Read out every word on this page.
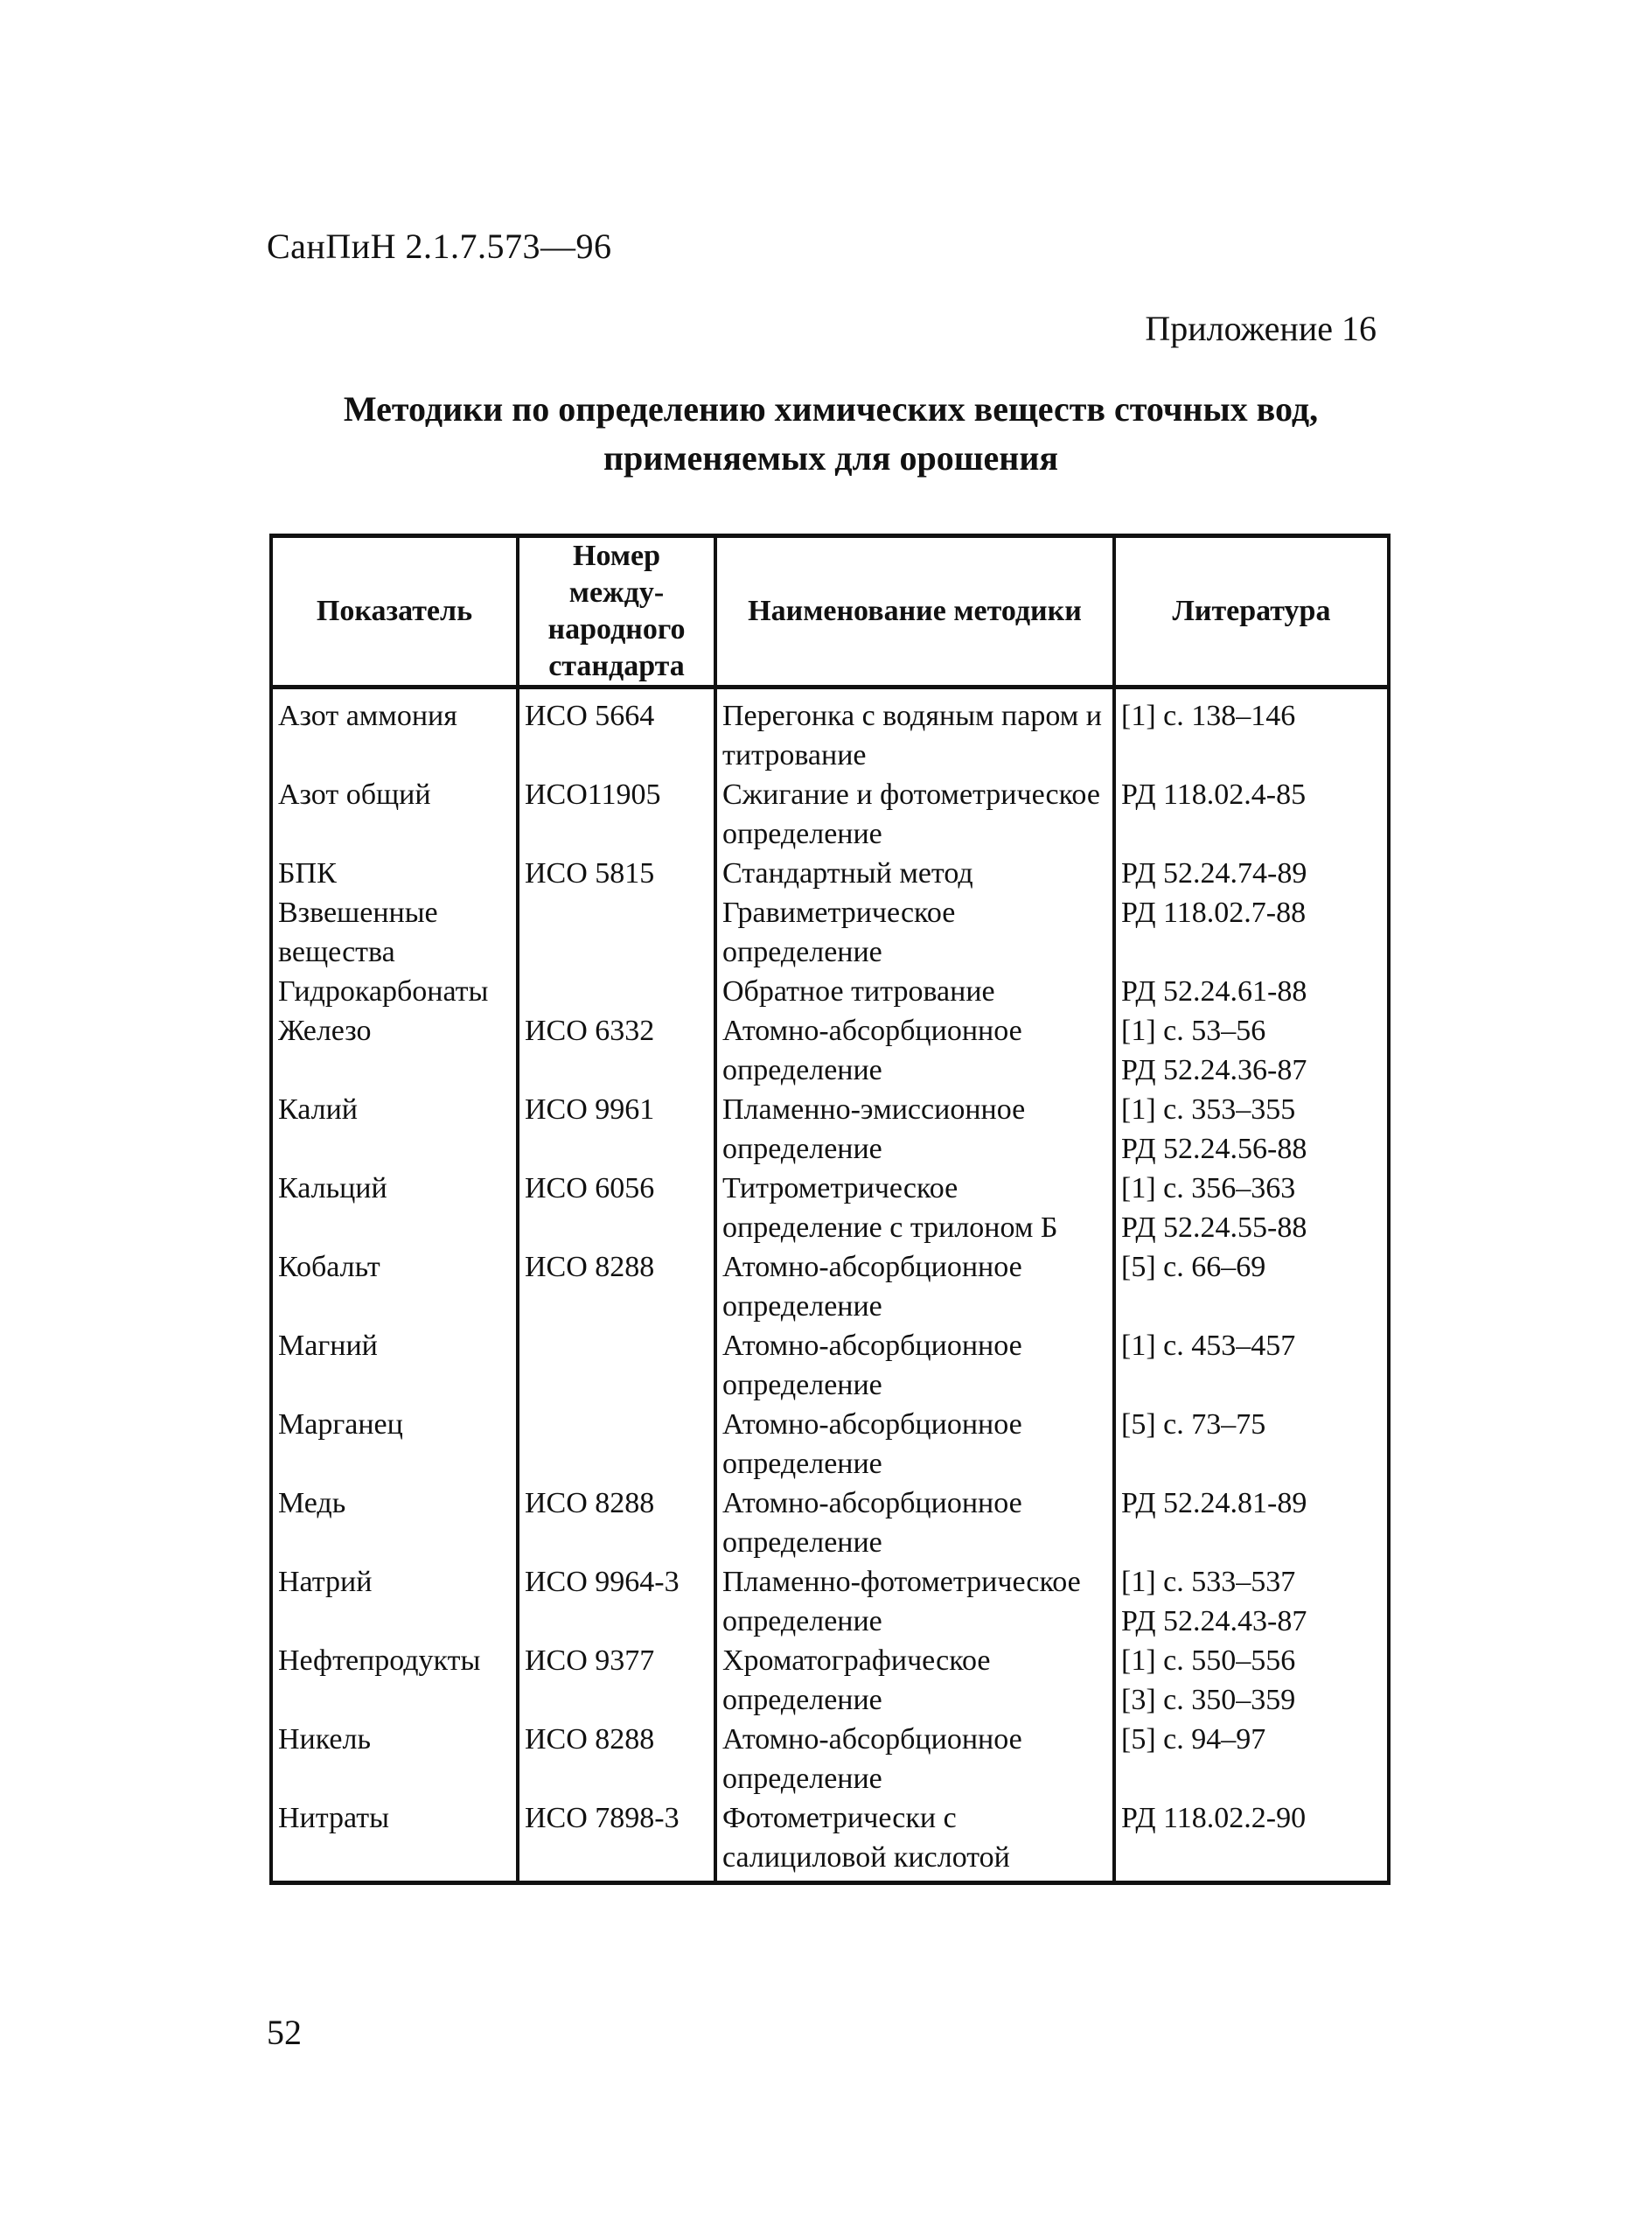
СанПиН 2.1.7.573—96
Приложение 16
Методики по определению химических веществ сточных вод, применяемых для орошения
Показатель	Номер между-народного стандарта	Наименование методики	Литература
Азот аммония	ИСО 5664	Перегонка с водяным паром и титрование	[1] с. 138–146

Азот общий	ИСО11905	Сжигание и фотометрическое определение	РД 118.02.4-85

БПК	ИСО 5815	Стандартный метод	РД 52.24.74-89

Взвешенные вещества		Гравиметрическое определение	РД 118.02.7-88

Гидрокарбонаты		Обратное титрование	РД 52.24.61-88

Железо	ИСО 6332	Атомно-абсорбционное определение	[1] с. 53–56
РД 52.24.36-87

Калий	ИСО 9961	Пламенно-эмиссионное определение	[1] с. 353–355
РД 52.24.56-88

Кальций	ИСО 6056	Титрометрическое определение с трилоном Б	[1] с. 356–363
РД 52.24.55-88

Кобальт	ИСО 8288	Атомно-абсорбционное определение	[5] с. 66–69

Магний		Атомно-абсорбционное определение	[1] с. 453–457

Марганец		Атомно-абсорбционное определение	[5] с. 73–75

Медь	ИСО 8288	Атомно-абсорбционное определение	РД 52.24.81-89

Натрий	ИСО 9964-3	Пламенно-фотометрическое определение	[1] с. 533–537
РД 52.24.43-87

Нефтепродукты	ИСО 9377	Хроматографическое определение	[1] с. 550–556
[3] с. 350–359

Никель	ИСО 8288	Атомно-абсорбционное определение	[5] с. 94–97

Нитраты	ИСО 7898-3	Фотометрически с салициловой кислотой	РД 118.02.2-90
52
